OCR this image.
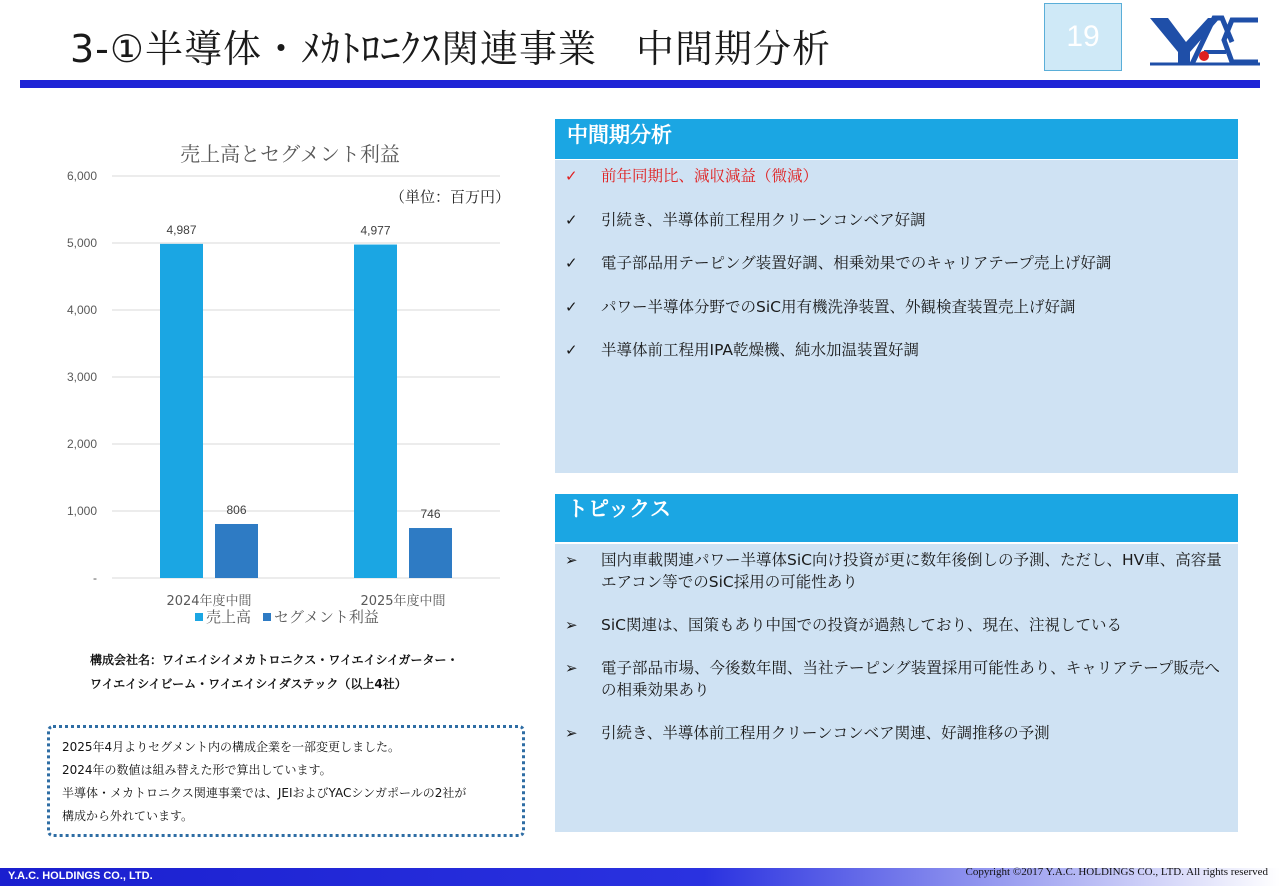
3-①半導体・ﾒｶﾄﾛﾆｸｽ関連事業　中間期分析	19
-
1,000
2,000
3,000
4,000
5,000
6,000
4,987
806
2024年度中間
4,977
746
2025年度中間
売上高とセグメント利益
（単位：百万円）
売上高 セグメント利益
構成会社名：ワイエイシイメカトロニクス・ワイエイシイガーター・
ワイエイシイビーム・ワイエイシイダステック（以上4社）
2025年4月よりセグメント内の構成企業を一部変更しました。
2024年の数値は組み替えた形で算出しています。
半導体・メカトロニクス関連事業では、JEIおよびYACシンガポールの2社が
構成から外れています。
中間期分析
✓	前年同期比、減収減益（微減）
✓	引続き、半導体前工程用クリーンコンベア好調
✓	電子部品用テーピング装置好調、相乗効果でのキャリアテープ売上げ好調
✓	パワー半導体分野でのSiC用有機洗浄装置、外観検査装置売上げ好調
✓	半導体前工程用IPA乾燥機、純水加温装置好調
トピックス
➢	国内車載関連パワー半導体SiC向け投資が更に数年後倒しの予測、ただし、HV車、高容量エアコン等でのSiC採用の可能性あり
➢	SiC関連は、国策もあり中国での投資が過熱しており、現在、注視している
➢	電子部品市場、今後数年間、当社テーピング装置採用可能性あり、キャリアテープ販売への相乗効果あり
➢	引続き、半導体前工程用クリーンコンベア関連、好調推移の予測
Y.A.C. HOLDINGS CO., LTD.	Copyright ©2017 Y.A.C. HOLDINGS CO., LTD. All rights reserved
